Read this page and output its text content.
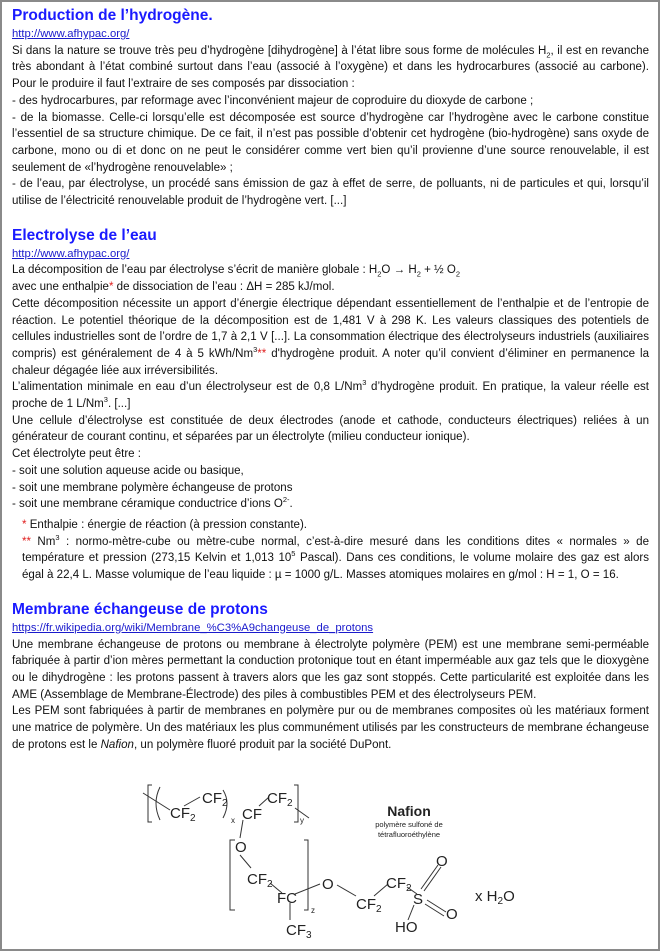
Production de l’hydrogène.
http://www.afhypac.org/

Si dans la nature se trouve très peu d’hydrogène [dihydrogène] à l’état libre sous forme de molécules $H_2$, il est en revanche très abondant à l’état combiné surtout dans l’eau (associé à l’oxygène) et dans les hydrocarbures (associé au carbone). Pour le produire il faut l’extraire de ses composés par dissociation :

- des hydrocarbures, par reformage avec l’inconvénient majeur de coproduire du dioxyde de carbone ;

- de la biomasse. Celle-ci lorsqu’elle est décomposée est source d’hydrogène car l’hydrogène avec le carbone constitue l’essentiel de sa structure chimique. De ce fait, il n’est pas possible d’obtenir cet hydrogène (bio-hydrogène) sans oxyde de carbone, mono ou di et donc on ne peut le considérer comme vert bien qu’il provienne d’une source renouvelable, il est seulement de «l’hydrogène renouvelable» ;

- de l’eau, par électrolyse, un procédé sans émission de gaz à effet de serre, de polluants, ni de particules et qui, lorsqu’il utilise de l’électricité renouvelable produit de l’hydrogène vert. [...]

Electrolyse de l’eau
http://www.afhypac.org/

La décomposition de l’eau par électrolyse s’écrit de manière globale : $H_2O \to H_2$ + ½ $O_2$

avec une enthalpie* de dissociation de l’eau : ΔH = 285 kJ/mol.

Cette décomposition nécessite un apport d’énergie électrique dépendant essentiellement de l’enthalpie et de l’entropie de réaction. Le potentiel théorique de la décomposition est de 1,481 V à 298 K. Les valeurs classiques des potentiels de cellules industrielles sont de l’ordre de 1,7 à 2,1 V [...]. La consommation électrique des électrolyseurs industriels (auxiliaires compris) est généralement de 4 à 5 kWh/Nm$^3$** d'hydrogène produit. A noter qu’il convient d’éliminer en permanence la chaleur dégagée liée aux irréversibilités.

L’alimentation minimale en eau d’un électrolyseur est de 0,8 L/Nm$^3$ d’hydrogène produit. En pratique, la valeur réelle est proche de 1 L/Nm$^3$. [...]

Une cellule d’électrolyse est constituée de deux électrodes (anode et cathode, conducteurs électriques) reliées à un générateur de courant continu, et séparées par un électrolyte (milieu conducteur ionique).

Cet électrolyte peut être :

- soit une solution aqueuse acide ou basique,

- soit une membrane polymère échangeuse de protons

- soit une membrane céramique conductrice d’ions $O^{2-}$.

* Enthalpie : énergie de réaction (à pression constante).

** Nm$^3$ : normo-mètre-cube ou mètre-cube normal, c’est-à-dire mesuré dans les conditions dites « normales » de température et pression (273,15 Kelvin et 1,013 $10^5$ Pascal). Dans ces conditions, le volume molaire des gaz est alors égal à 22,4 L. Masse volumique de l’eau liquide : µ = 1000 g/L. Masses atomiques molaires en g/mol : H = 1, O = 16.

Membrane échangeuse de protons
https://fr.wikipedia.org/wiki/Membrane_%C3%A9changeuse_de_protons

Une membrane échangeuse de protons ou membrane à électrolyte polymère (PEM) est une membrane semi-perméable fabriquée à partir d’ion mères permettant la conduction protonique tout en étant imperméable aux gaz tels que le dioxygène ou le dihydrogène : les protons passent à travers alors que les gaz sont stoppés. Cette particularité est exploitée dans les AME (Assemblage de Membrane-Électrode) des piles à combustibles PEM et des électrolyseurs PEM.

Les PEM sont fabriquées à partir de membranes en polymère pur ou de membranes composites où les matériaux forment une matrice de polymère. Un des matériaux les plus communément utilisés par les constructeurs de membrane échangeuse de protons est le Nafion, un polymère fluoré produit par la société DuPont.

$CF_2$
$CF_2$
x CF
$CF_2$
y
O
$CF_2$
FC
z
$CF_3$
O
$CF_2$
$CF_2$
S
O
O
HO
x $H_2O$
Nafion
polymère sulfoné de
tétrafluoroéthylène
